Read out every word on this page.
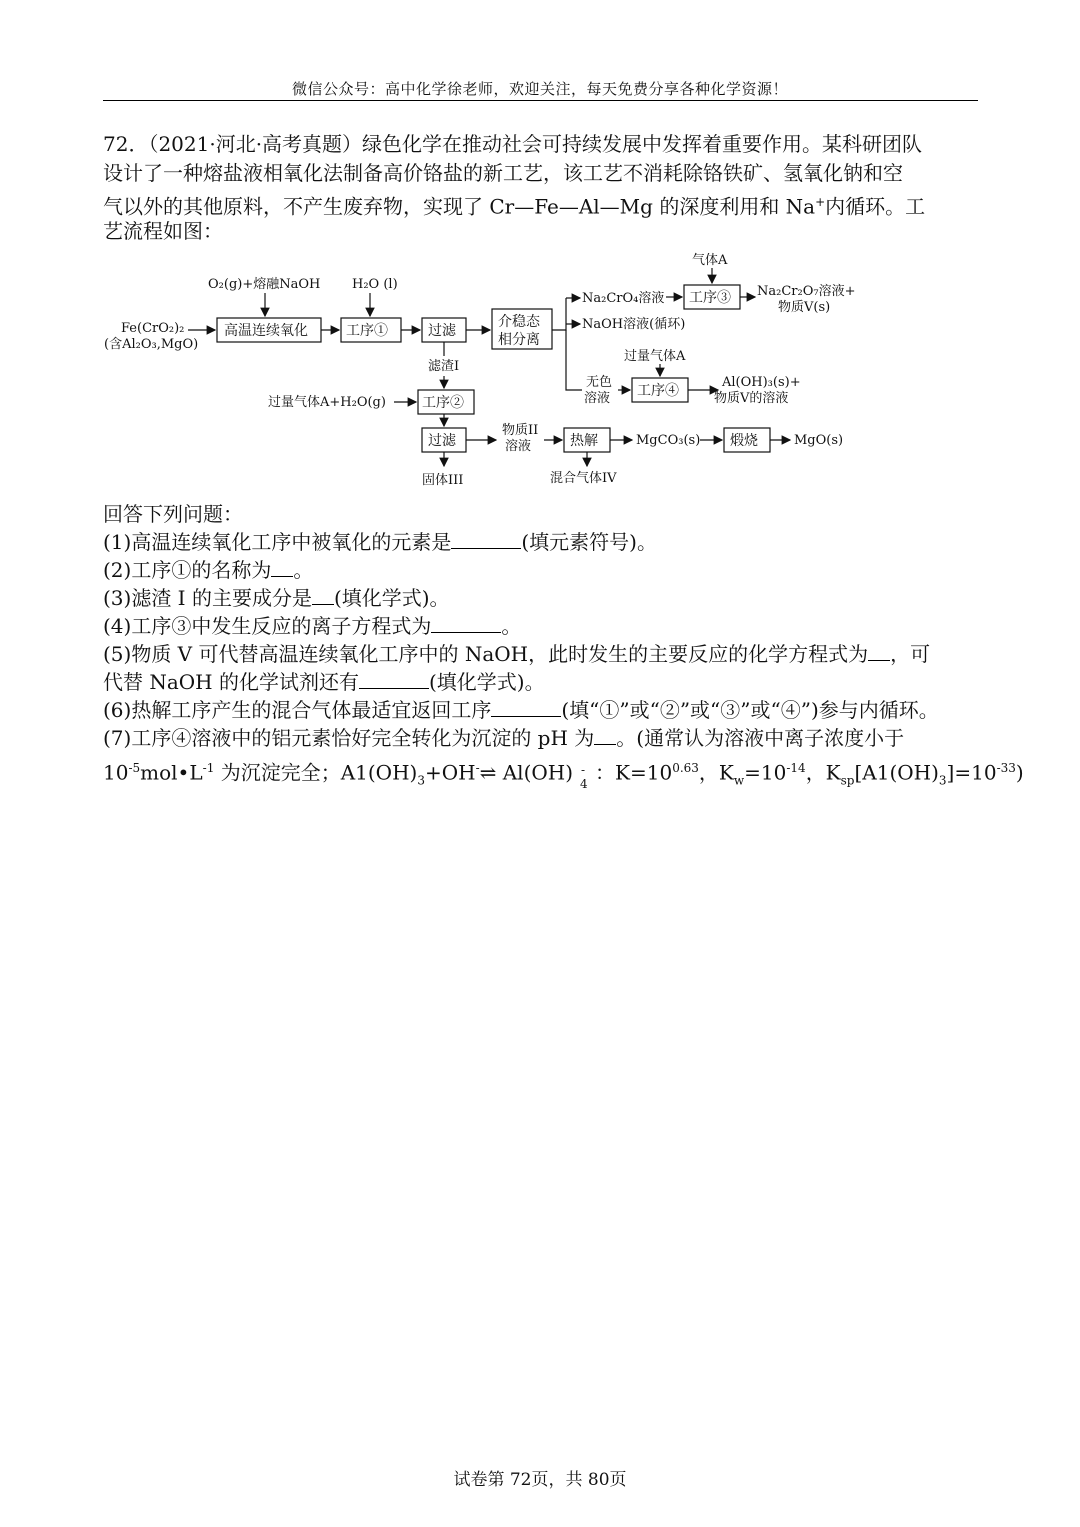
微信公众号：高中化学徐老师，欢迎关注，每天免费分享各种化学资源！
72．（2021·河北·高考真题）绿色化学在推动社会可持续发展中发挥着重要作用。某科研团队
设计了一种熔盐液相氧化法制备高价铬盐的新工艺，该工艺不消耗除铬铁矿、氢氧化钠和空
气以外的其他原料，不产生废弃物，实现了 Cr—Fe—Al—Mg 的深度利用和 Na+内循环。工
艺流程如图：
Fe(CrO₂)₂
(含Al₂O₃,MgO)
O₂(g)+熔融NaOH H₂O (l)
高温连续氧化	工序①	过滤
介稳态
相分离
Na₂CrO₄溶液
气体A
工序③ Na₂Cr₂O₇溶液+
物质V(s)
NaOH溶液(循环)
过量气体A
无色
溶液 工序④
Al(OH)₃(s)+
物质V的溶液
滤渣I
过量气体A+H₂O(g)	工序②
过滤
物质II
溶液	热解	MgCO₃(s) 煅烧	MgO(s)
固体III	混合气体IV
回答下列问题：
(1)高温连续氧化工序中被氧化的元素是	(填元素符号)。
(2)工序①的名称为 。
(3)滤渣 I 的主要成分是 (填化学式)。
(4)工序③中发生反应的离子方程式为	。
(5)物质 V 可代替高温连续氧化工序中的 NaOH，此时发生的主要反应的化学方程式为 ，可
代替 NaOH 的化学试剂还有	(填化学式)。
(6)热解工序产生的混合气体最适宜返回工序	(填“①”或“②”或“③”或“④”)参与内循环。
(7)工序④溶液中的铝元素恰好完全转化为沉淀的 pH 为 。(通常认为溶液中离子浓度小于
$10^{-5}mol•L^{-1}$ 为沉淀完全；$A1(OH)_3+OH^-\rightleftharpoons$ Al(OH) -
4 ：$K=10^{0.63}$，$K_w=10^{-14}$，$K_{sp}[A1(OH)_3]=10^{-33}$)
试卷第 72页，共 80页
